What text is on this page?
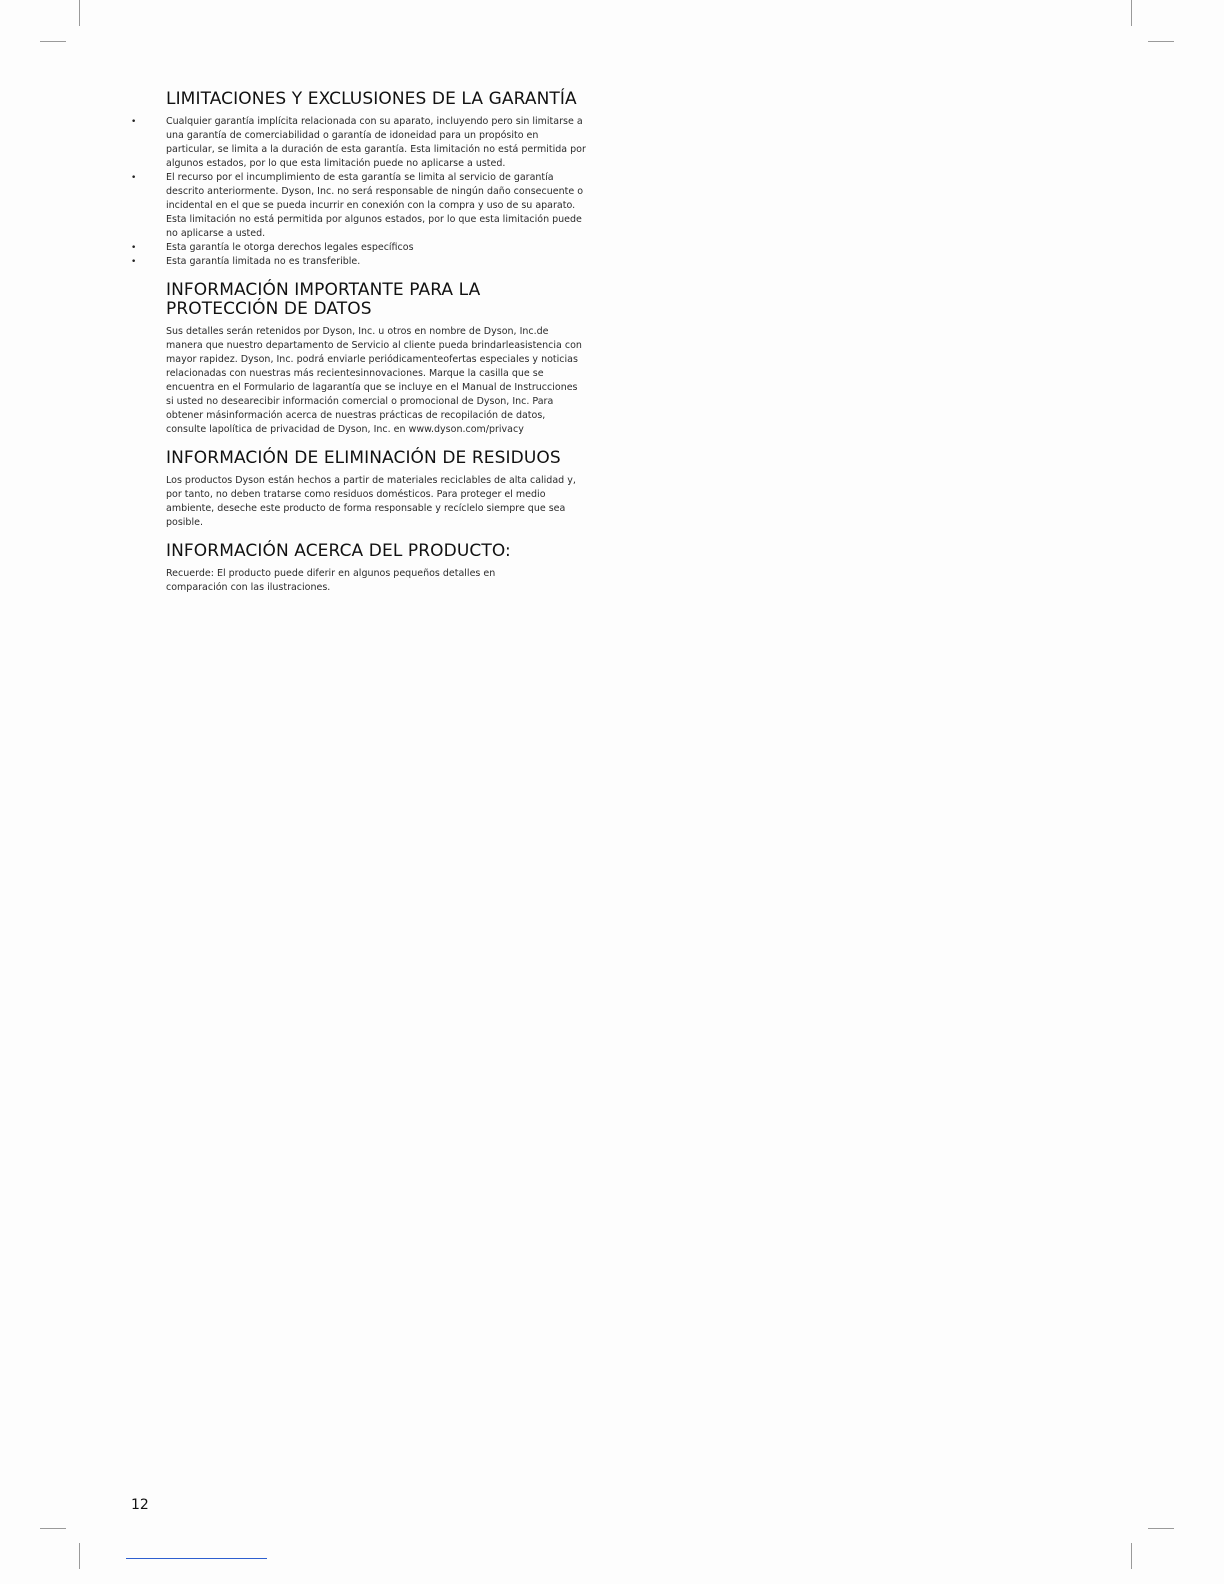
LIMITACIONES Y EXCLUSIONES DE LA GARANTÍA
•	Cualquier garantía implícita relacionada con su aparato, incluyendo pero sin limitarse a una garantía de comerciabilidad o garantía de idoneidad para un propósito en particular, se limita a la duración de esta garantía. Esta limitación no está permitida por algunos estados, por lo que esta limitación puede no aplicarse a usted.
•	El recurso por el incumplimiento de esta garantía se limita al servicio de garantía descrito anteriormente. Dyson, Inc. no será responsable de ningún daño consecuente o incidental en el que se pueda incurrir en conexión con la compra y uso de su aparato. Esta limitación no está permitida por algunos estados, por lo que esta limitación puede no aplicarse a usted.
•	Esta garantía le otorga derechos legales específicos
•	Esta garantía limitada no es transferible.
INFORMACIÓN IMPORTANTE PARA LA PROTECCIÓN DE DATOS

Sus detalles serán retenidos por Dyson, Inc. u otros en nombre de Dyson, Inc.de manera que nuestro departamento de Servicio al cliente pueda brindarleasistencia con mayor rapidez. Dyson, Inc. podrá enviarle periódicamenteofertas especiales y noticias relacionadas con nuestras más recientesinnovaciones. Marque la casilla que se encuentra en el Formulario de lagarantía que se incluye en el Manual de Instrucciones si usted no desearecibir información comercial o promocional de Dyson, Inc. Para obtener másinformación acerca de nuestras prácticas de recopilación de datos, consulte lapolítica de privacidad de Dyson, Inc. en www.dyson.com/privacy

INFORMACIÓN DE ELIMINACIÓN DE RESIDUOS

Los productos Dyson están hechos a partir de materiales reciclables de alta calidad y, por tanto, no deben tratarse como residuos domésticos. Para proteger el medio ambiente, deseche este producto de forma responsable y recíclelo siempre que sea posible.

INFORMACIÓN ACERCA DEL PRODUCTO:

Recuerde: El producto puede diferir en algunos pequeños detalles en comparación con las ilustraciones.

12
